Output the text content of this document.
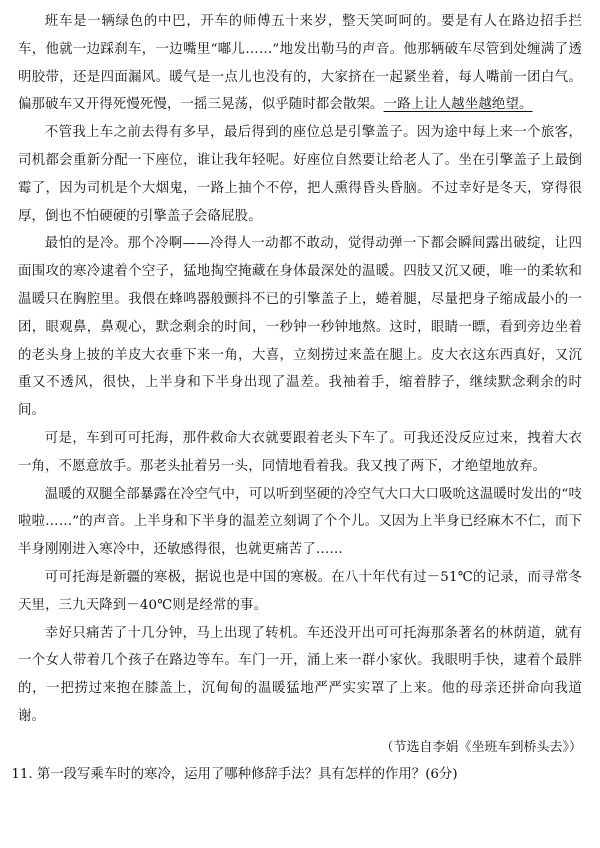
班车是一辆绿色的中巴，开车的师傅五十来岁，整天笑呵呵的。要是有人在路边招手拦车，他就一边踩刹车，一边嘴里“嘟儿……”地发出勒马的声音。他那辆破车尽管到处缠满了透明胶带，还是四面漏风。暖气是一点儿也没有的，大家挤在一起紧坐着，每人嘴前一团白气。偏那破车又开得死慢死慢，一摇三晃荡，似乎随时都会散架。一路上让人越坐越绝望。

不管我上车之前去得有多早，最后得到的座位总是引擎盖子。因为途中每上来一个旅客，司机都会重新分配一下座位，谁让我年轻呢。好座位自然要让给老人了。坐在引擎盖子上最倒霉了，因为司机是个大烟鬼，一路上抽个不停，把人熏得昏头昏脑。不过幸好是冬天，穿得很厚，倒也不怕硬硬的引擎盖子会硌屁股。

最怕的是冷。那个冷啊——冷得人一动都不敢动，觉得动弹一下都会瞬间露出破绽，让四面围攻的寒冷逮着个空子，猛地掏空掩藏在身体最深处的温暖。四肢又沉又硬，唯一的柔软和温暖只在胸腔里。我偎在蜂鸣器般颤抖不已的引擎盖子上，蜷着腿，尽量把身子缩成最小的一团，眼观鼻，鼻观心，默念剩余的时间，一秒钟一秒钟地熬。这时，眼睛一瞟，看到旁边坐着的老头身上披的羊皮大衣垂下来一角，大喜，立刻捞过来盖在腿上。皮大衣这东西真好，又沉重又不透风，很快，上半身和下半身出现了温差。我袖着手，缩着脖子，继续默念剩余的时间。

可是，车到可可托海，那件救命大衣就要跟着老头下车了。可我还没反应过来，拽着大衣一角，不愿意放手。那老头扯着另一头，同情地看着我。我又拽了两下，才绝望地放弃。

温暖的双腿全部暴露在冷空气中，可以听到坚硬的冷空气大口大口吸吮这温暖时发出的“吱啦啦……”的声音。上半身和下半身的温差立刻调了个个儿。又因为上半身已经麻木不仁，而下半身刚刚进入寒冷中，还敏感得很，也就更痛苦了……

可可托海是新疆的寒极，据说也是中国的寒极。在八十年代有过－51℃的记录，而寻常冬天里，三九天降到－40℃则是经常的事。

幸好只痛苦了十几分钟，马上出现了转机。车还没开出可可托海那条著名的林荫道，就有一个女人带着几个孩子在路边等车。车门一开，涌上来一群小家伙。我眼明手快，逮着个最胖的，一把捞过来抱在膝盖上，沉甸甸的温暖猛地严严实实罩了上来。他的母亲还拼命向我道谢。

（节选自李娟《坐班车到桥头去》）

11. 第一段写乘车时的寒冷，运用了哪种修辞手法？具有怎样的作用？(6分)
